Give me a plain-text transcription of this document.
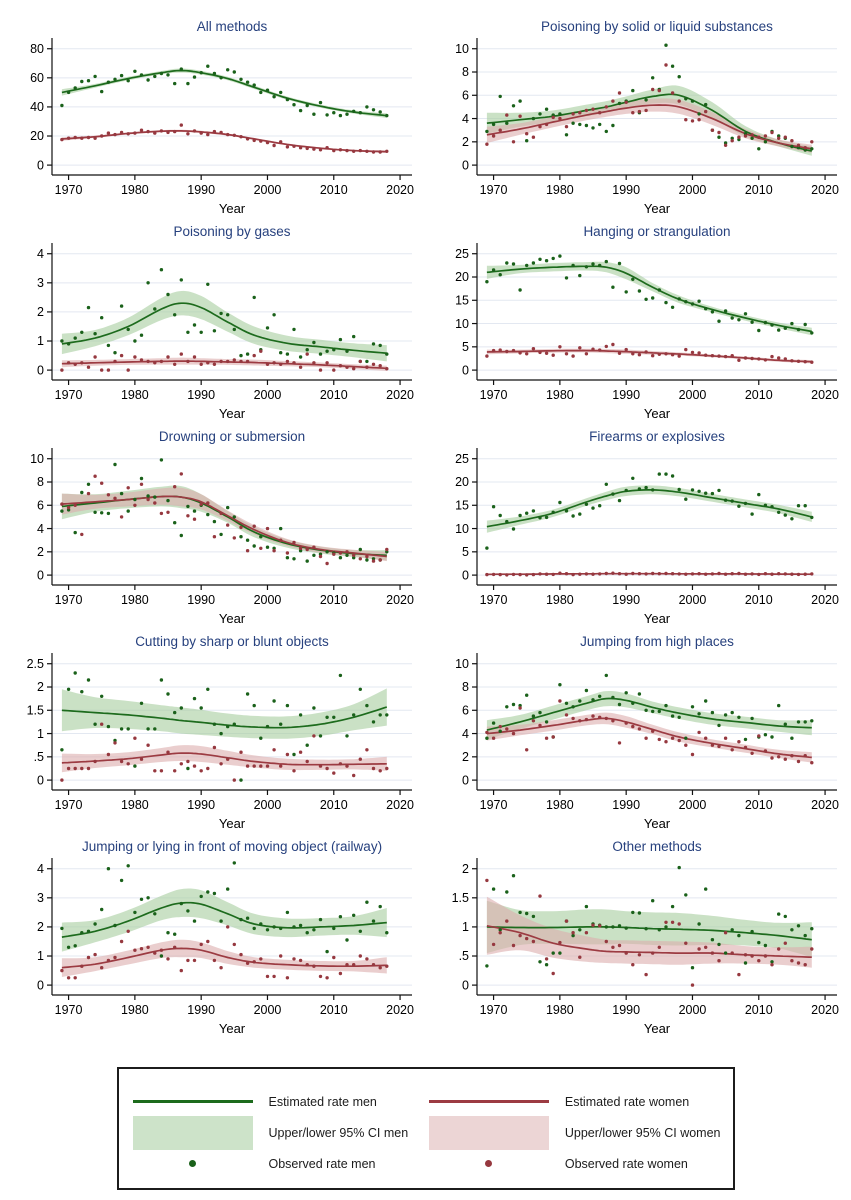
0
20
40
60
80
1970	1980	1990	2000	2010	2020
All methods
Year
0
2
4
6
8
10
1970	1980	1990	2000	2010	2020
Poisoning by solid or liquid substances
Year
0
1
2
3
4
1970	1980	1990	2000	2010	2020
Poisoning by gases
Year
0
5
10
15
20
25
1970	1980	1990	2000	2010	2020
Hanging or strangulation
Year
0
2
4
6
8
10
1970	1980	1990	2000	2010	2020
Drowning or submersion
Year
0
5
10
15
20
25
1970	1980	1990	2000	2010	2020
Firearms or explosives
Year
0
.5
1
1.5
2
2.5
1970	1980	1990	2000	2010	2020
Cutting by sharp or blunt objects
Year
0
2
4
6
8
10
1970	1980	1990	2000	2010	2020
Jumping from high places
Year
0
1
2
3
4
1970	1980	1990	2000	2010	2020
Jumping or lying in front of moving object (railway)
Year
0
.5
1
1.5
2
1970	1980	1990	2000	2010	2020
Other methods
Year
Estimated rate men
Upper/lower 95% CI men
Observed rate men
Estimated rate women
Upper/lower 95% CI women
Observed rate women
